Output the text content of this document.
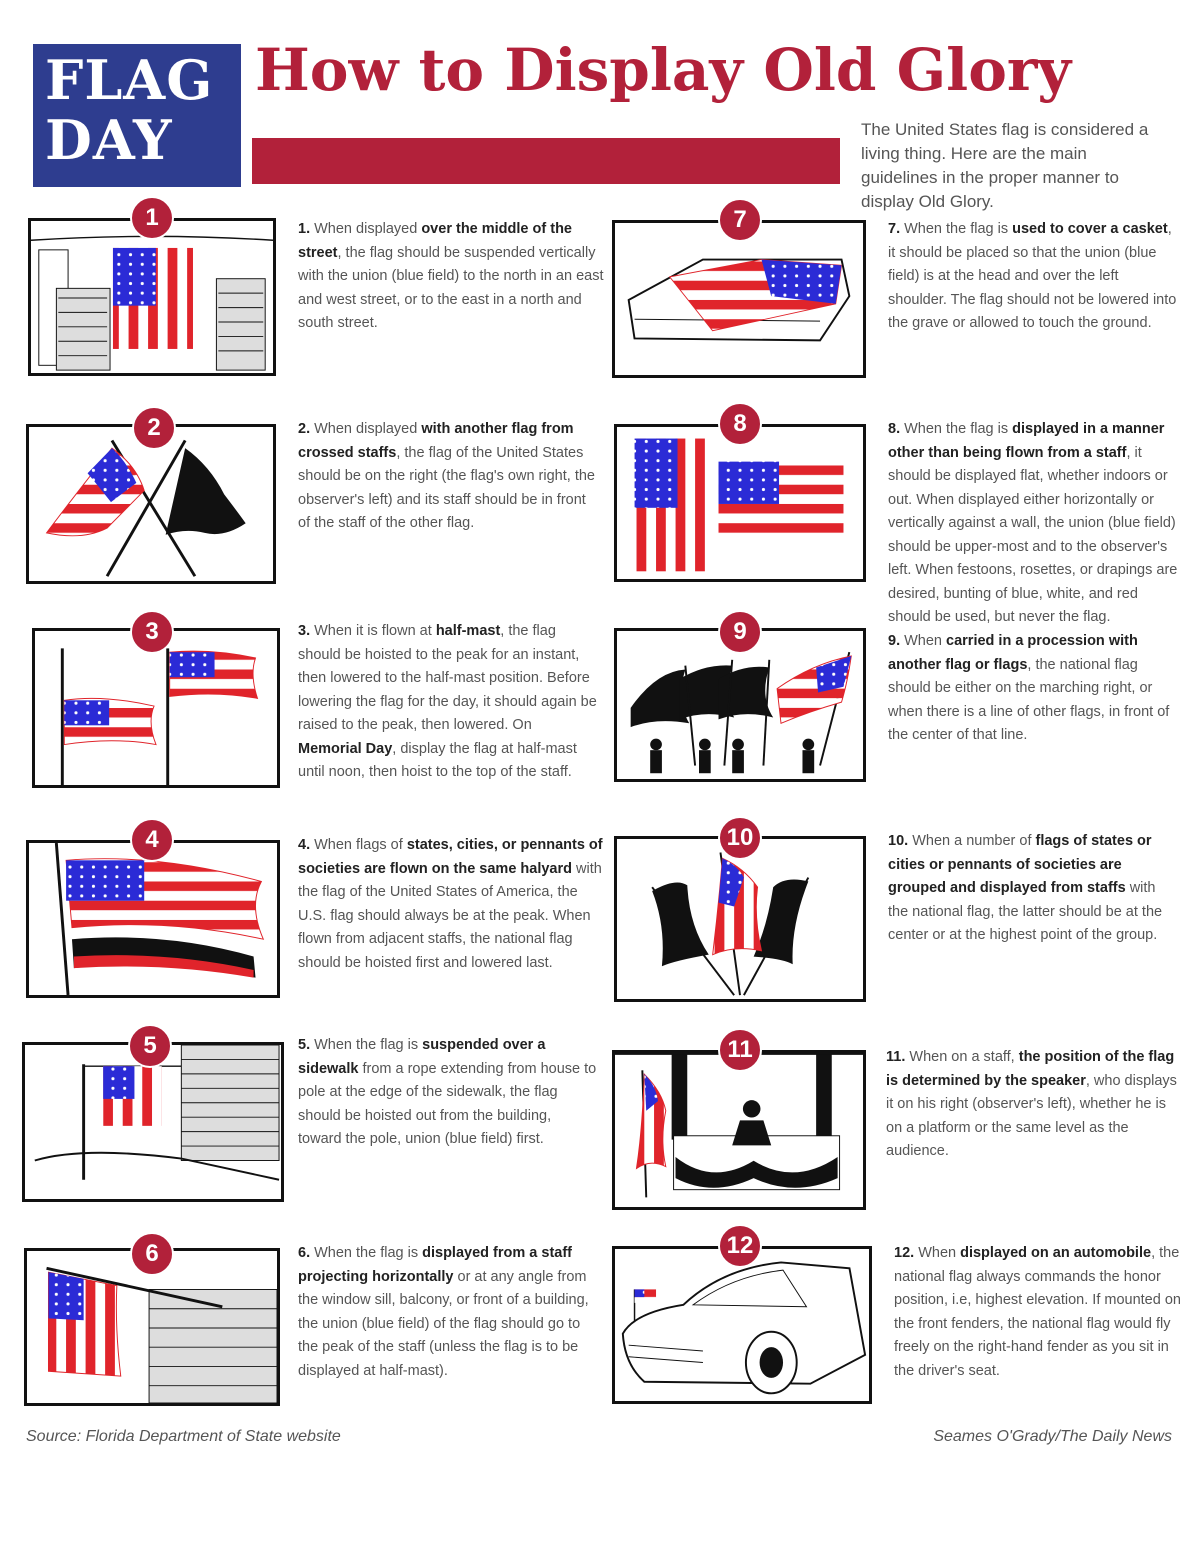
FLAG
DAY
How to Display Old Glory
The United States flag is considered a living thing. Here are the main guidelines in the proper manner to display Old Glory.
1	1. When displayed over the middle of the street, the flag should be suspended vertically with the union (blue field) to the north in an east and west street, or to the east in a north and south street.
2	2. When displayed with another flag from crossed staffs, the flag of the United States should be on the right (the flag's own right, the observer's left) and its staff should be in front of the staff of the other flag.
3	3. When it is flown at half-mast, the flag should be hoisted to the peak for an instant, then lowered to the half-mast position. Before lowering the flag for the day, it should again be raised to the peak, then lowered. On Memorial Day, display the flag at half-mast until noon, then hoist to the top of the staff.
4	4. When flags of states, cities, or pennants of societies are flown on the same halyard with the flag of the United States of America, the U.S. flag should always be at the peak. When flown from adjacent staffs, the national flag should be hoisted first and lowered last.
5	5. When the flag is suspended over a sidewalk from a rope extending from house to pole at the edge of the sidewalk, the flag should be hoisted out from the building, toward the pole, union (blue field) first.
6	6. When the flag is displayed from a staff projecting horizontally or at any angle from the window sill, balcony, or front of a building, the union (blue field) of the flag should go to the peak of the staff (unless the flag is to be displayed at half-mast).
7	7. When the flag is used to cover a casket, it should be placed so that the union (blue field) is at the head and over the left shoulder. The flag should not be lowered into the grave or allowed to touch the ground.
8	8. When the flag is displayed in a manner other than being flown from a staff, it should be displayed flat, whether indoors or out. When displayed either horizontally or vertically against a wall, the union (blue field) should be upper-most and to the observer's left. When festoons, rosettes, or drapings are desired, bunting of blue, white, and red should be used, but never the flag.
9	9. When carried in a procession with another flag or flags, the national flag should be either on the marching right, or when there is a line of other flags, in front of the center of that line.
10	10. When a number of flags of states or cities or pennants of societies are grouped and displayed from staffs with the national flag, the latter should be at the center or at the highest point of the group.
11	11. When on a staff, the position of the flag is determined by the speaker, who displays it on his right (observer's left), whether he is on a platform or the same level as the audience.
12	12. When displayed on an automobile, the national flag always commands the honor position, i.e, highest elevation. If mounted on the front fenders, the national flag would fly freely on the right-hand fender as you sit in the driver's seat.
Source: Florida Department of State website	Seames O'Grady/The Daily News
